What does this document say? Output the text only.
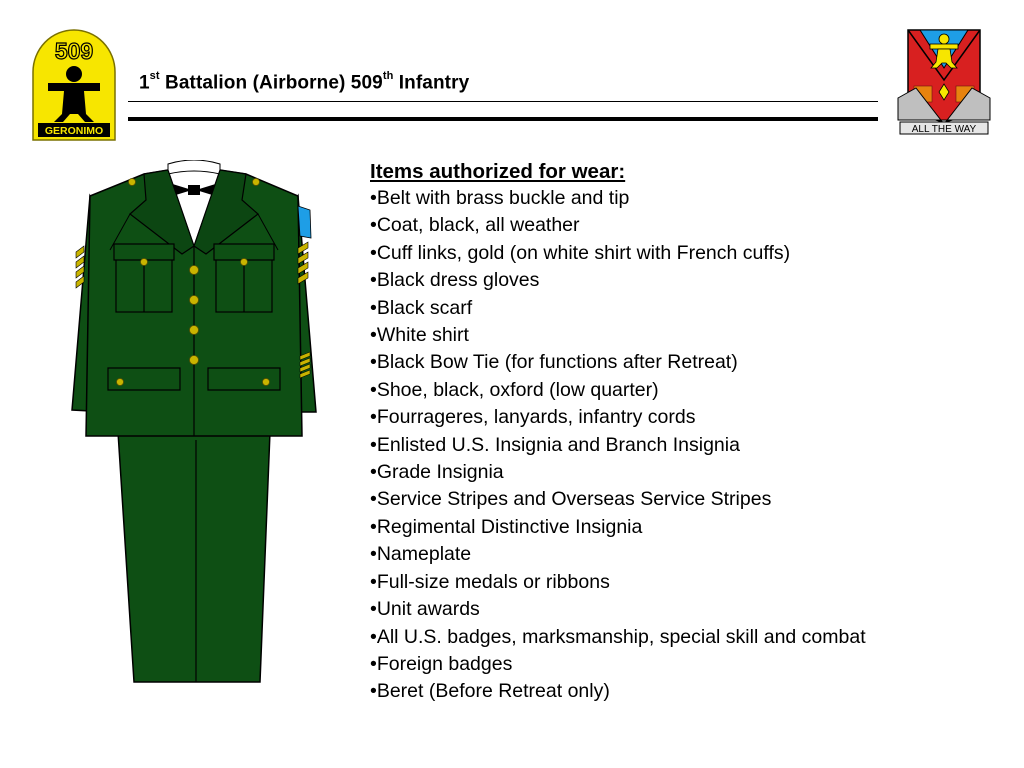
509
GERONIMO
1st Battalion (Airborne) 509th Infantry
ALL THE WAY
Items authorized for wear:
•Belt with brass buckle and tip
•Coat, black, all weather
•Cuff links, gold (on white shirt with French cuffs)
•Black dress gloves
•Black scarf
•White shirt
•Black Bow Tie (for functions after Retreat)
•Shoe, black, oxford (low quarter)
•Fourrageres, lanyards, infantry cords
•Enlisted U.S. Insignia and Branch Insignia
•Grade Insignia
•Service Stripes and Overseas Service Stripes
•Regimental Distinctive Insignia
•Nameplate
•Full-size medals or ribbons
•Unit awards
•All U.S. badges, marksmanship, special skill and combat
•Foreign badges
•Beret (Before Retreat only)
